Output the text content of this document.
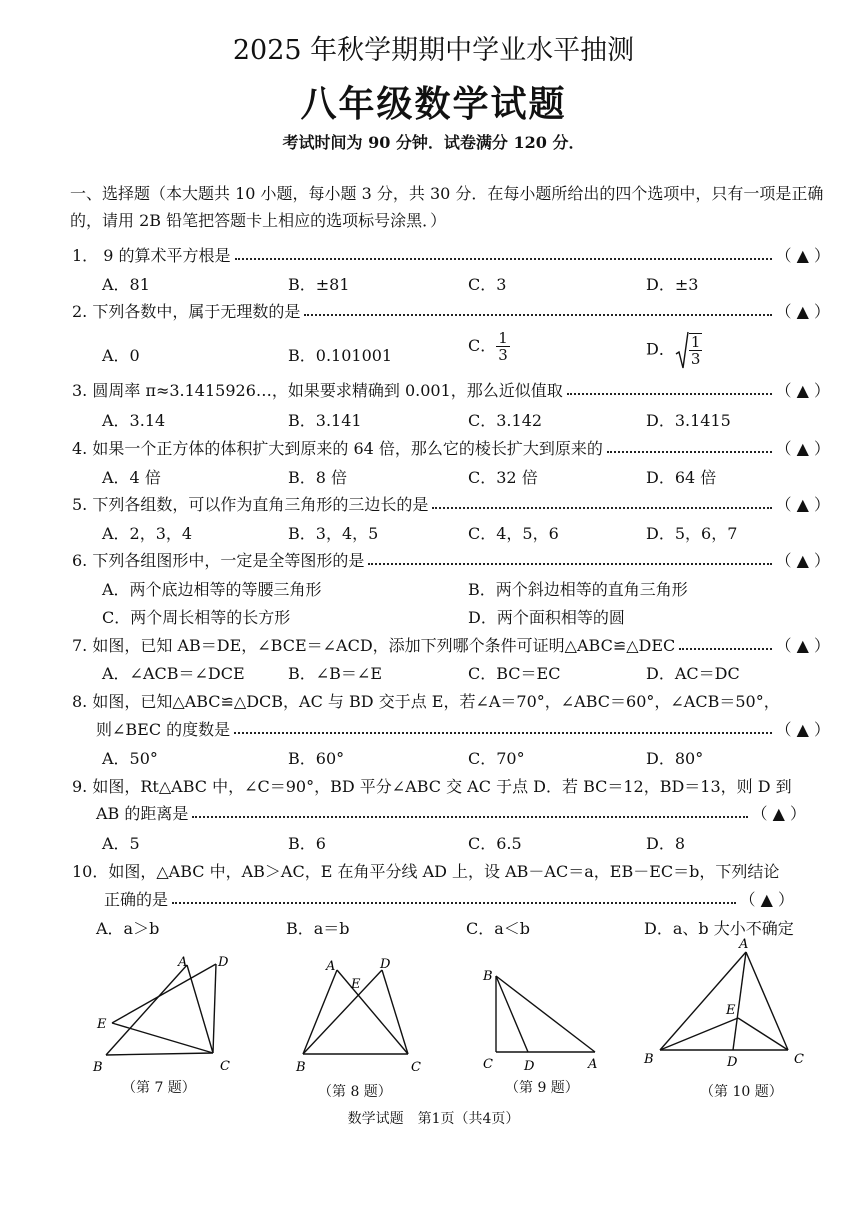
2025 年秋学期期中学业水平抽测
八年级数学试题
考试时间为 90 分钟．试卷满分 120 分．
一、选择题（本大题共 10 小题，每小题 3 分，共 30 分．在每小题所给出的四个选项中，只有一项是正确的，请用 2B 铅笔把答题卡上相应的选项标号涂黑．）
1． 9 的算术平方根是	（ ▲ ）
A．81	B．±81	C．3	D．±3
2. 下列各数中，属于无理数的是	（ ▲ ）
A．0	B．0.101001
C． $\frac{1}{3}$	D． $\frac{1}{3}$
3. 圆周率 π≈3.1415926…，如果要求精确到 0.001，那么近似值取	（ ▲ ）
A．3.14	B．3.141	C．3.142	D．3.1415
4. 如果一个正方体的体积扩大到原来的 64 倍，那么它的棱长扩大到原来的	（ ▲ ）
A．4 倍	B．8 倍	C．32 倍	D．64 倍
5. 下列各组数，可以作为直角三角形的三边长的是	（ ▲ ）
A．2，3，4	B．3，4，5	C．4，5，6	D．5，6，7
6. 下列各组图形中，一定是全等图形的是	（ ▲ ）
A．两个底边相等的等腰三角形	B．两个斜边相等的直角三角形
C．两个周长相等的长方形	D．两个面积相等的圆
7. 如图，已知 AB＝DE，∠BCE＝∠ACD，添加下列哪个条件可证明△ABC≌△DEC	（ ▲ ）
A．∠ACB＝∠DCE	B．∠B＝∠E	C．BC＝EC	D．AC＝DC
8. 如图，已知△ABC≌△DCB，AC 与 BD 交于点 E，若∠A＝70°，∠ABC＝60°，∠ACB＝50°，
则∠BEC 的度数是	（ ▲ ）
A．50°	B．60°	C．70°	D．80°
9. 如图，Rt△ABC 中，∠C＝90°，BD 平分∠ABC 交 AC 于点 D．若 BC＝12，BD＝13，则 D 到
AB 的距离是	（ ▲ ）
A．5	B．6	C．6.5	D．8
10．如图，△ABC 中，AB＞AC，E 在角平分线 AD 上，设 AB－AC＝a，EB－EC＝b，下列结论
正确的是	（ ▲ ）
A．a＞b	B．a＝b	C．a＜b	D．a、b 大小不确定
A D
E
B	C
（第 7 题）
A	D
E
B	C
（第 8 题）
B
C D	A
（第 9 题）
A
E
B	D	C
（第 10 题）
数学试题　第1页（共4页）
